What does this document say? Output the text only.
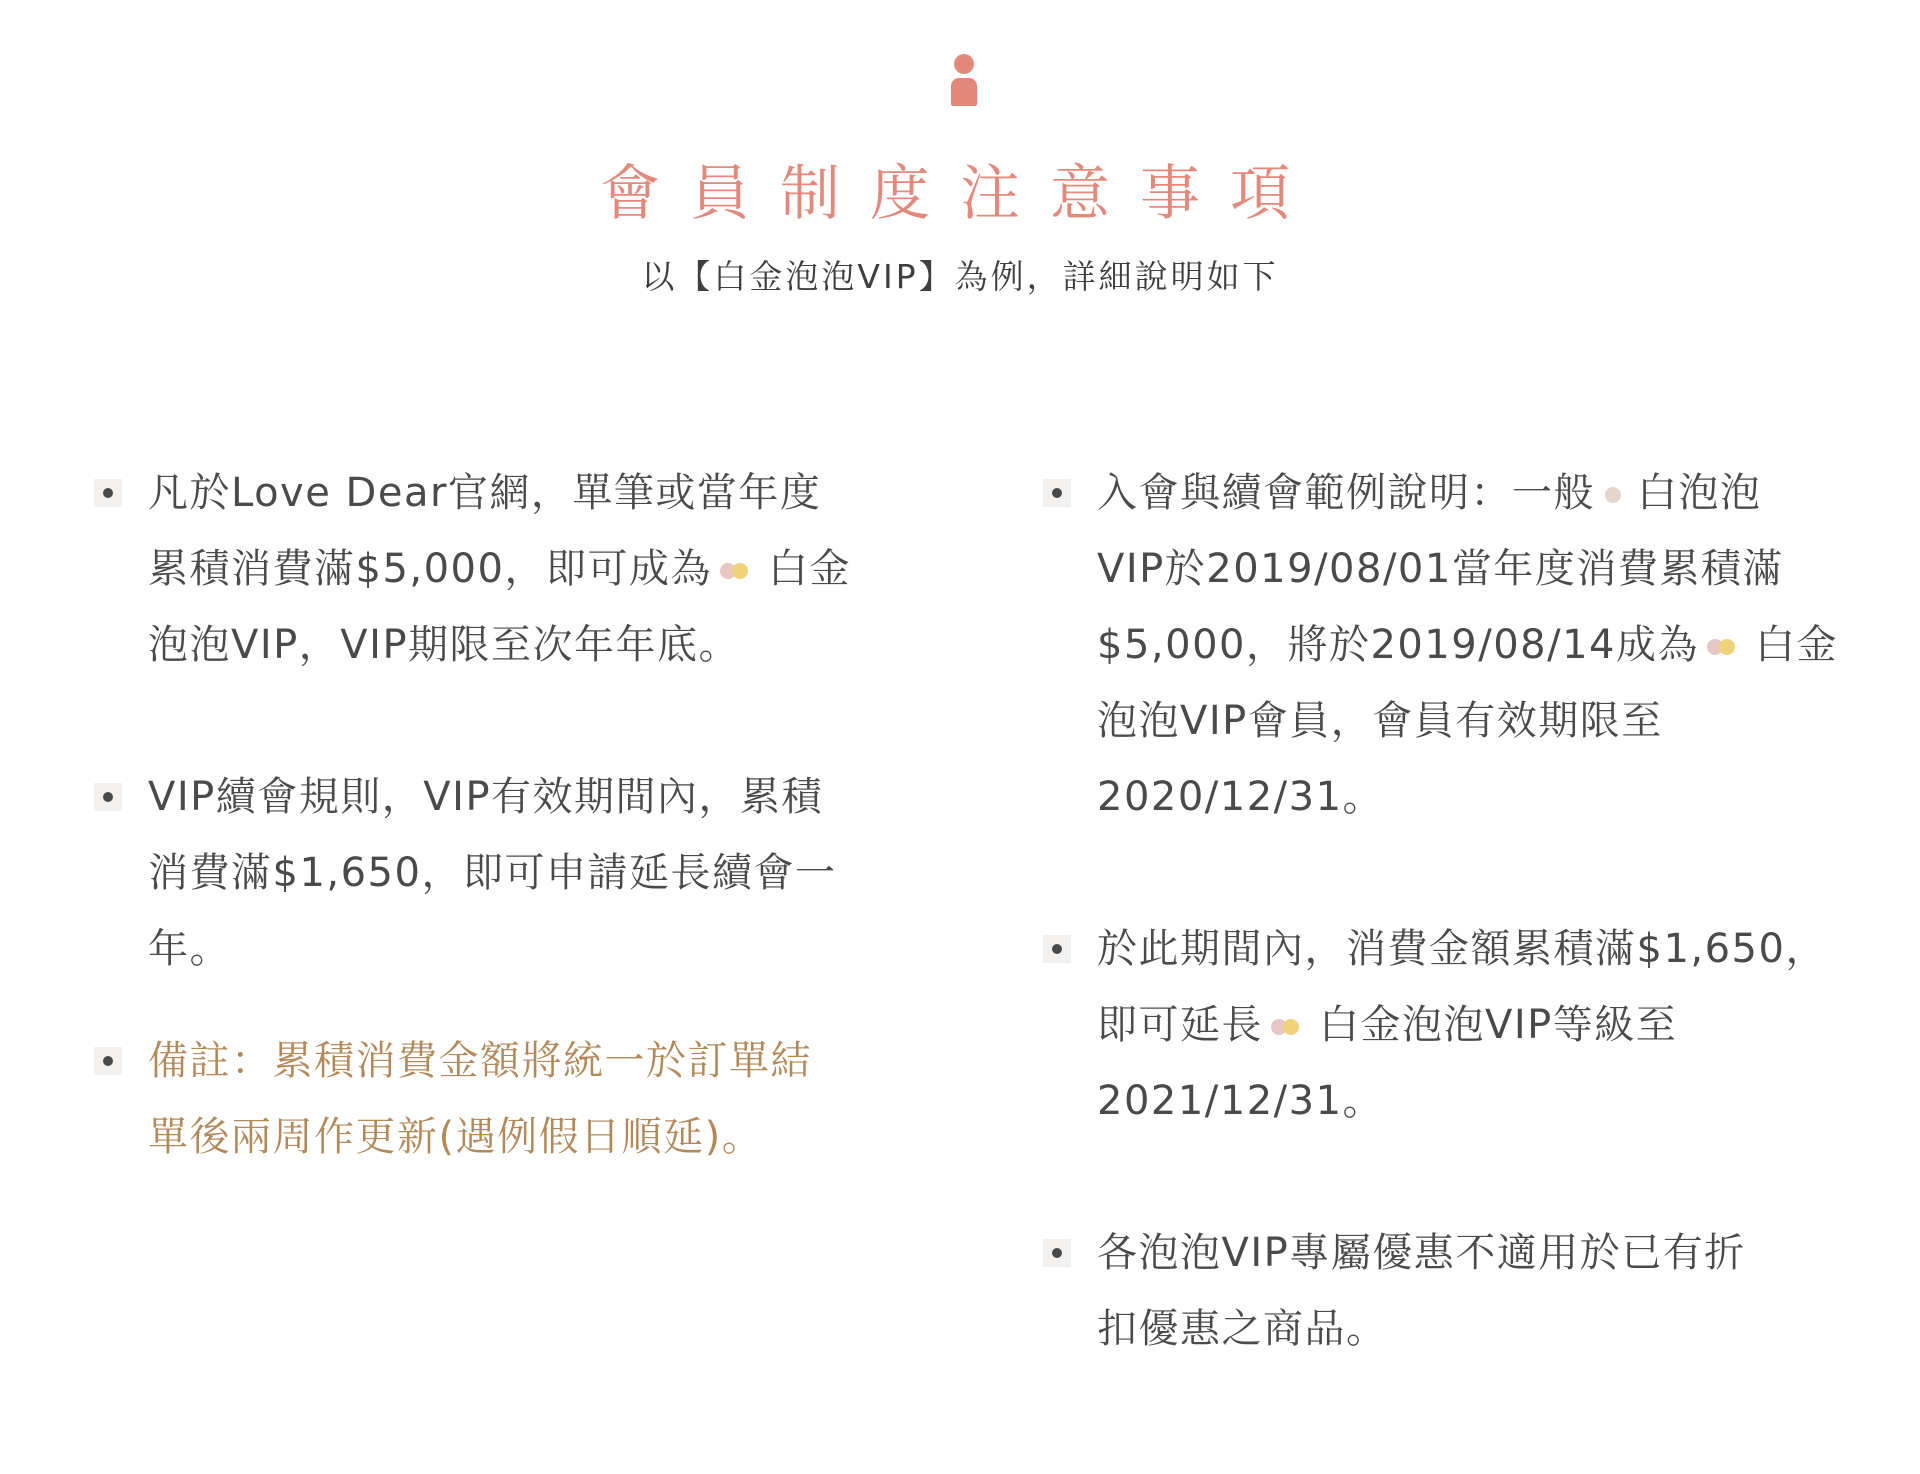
會員制度注意事項
以【白金泡泡VIP】為例，詳細說明如下
凡於Love Dear官網，單筆或當年度
累積消費滿$5,000，即可成為 白金
泡泡VIP，VIP期限至次年年底。
VIP續會規則，VIP有效期間內，累積
消費滿$1,650，即可申請延長續會一
年。
備註：累積消費金額將統一於訂單結
單後兩周作更新(遇例假日順延)。
入會與續會範例說明：一般 白泡泡
VIP於2019/08/01當年度消費累積滿
$5,000，將於2019/08/14成為 白金
泡泡VIP會員，會員有效期限至
2020/12/31。
於此期間內，消費金額累積滿$1,650，
即可延長 白金泡泡VIP等級至
2021/12/31。
各泡泡VIP專屬優惠不適用於已有折
扣優惠之商品。
